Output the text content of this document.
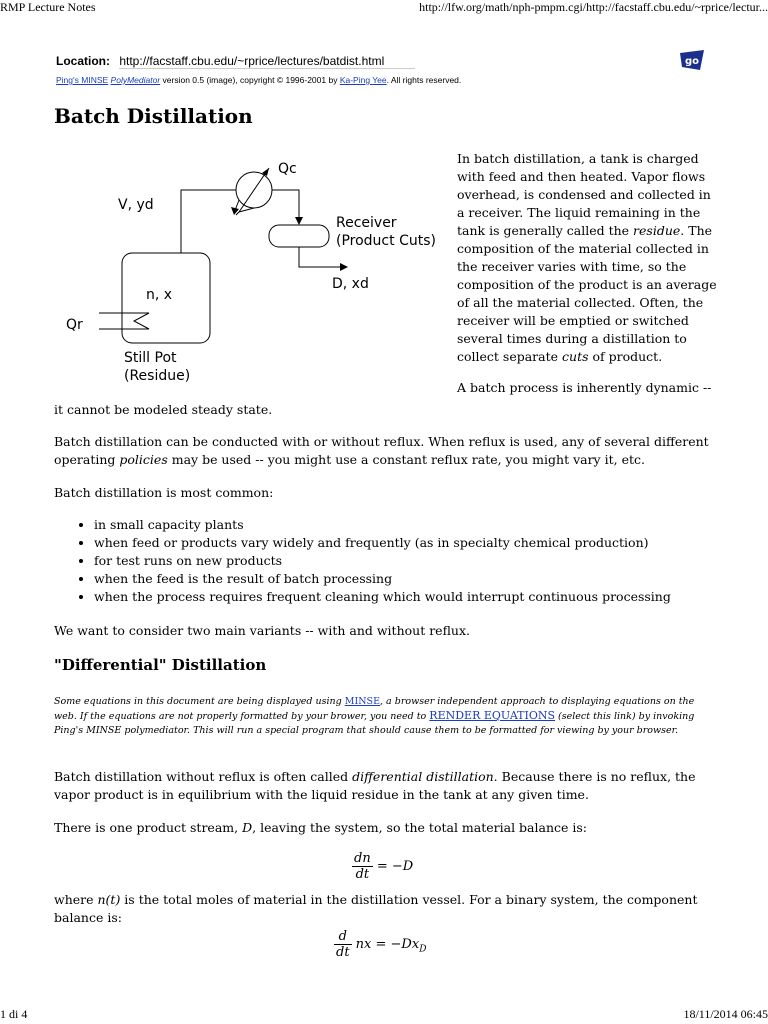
RMP Lecture Notes	http://lfw.org/math/nph-pmpm.cgi/http://facstaff.cbu.edu/~rprice/lectur...
Location: http://facstaff.cbu.edu/~rprice/lectures/batdist.html	go
Ping's MINSE PolyMediator version 0.5 (image), copyright © 1996-2001 by Ka-Ping Yee. All rights reserved.
Batch Distillation
Qc
V, yd
Receiver
(Product Cuts)
D, xd
n, x
Qr
Still Pot
(Residue)

In batch distillation, a tank is charged with feed and then heated. Vapor flows overhead, is condensed and collected in a receiver. The liquid remaining in the tank is generally called the residue. The composition of the material collected in the receiver varies with time, so the composition of the product is an average of all the material collected. Often, the receiver will be emptied or switched several times during a distillation to collect separate cuts of product.

A batch process is inherently dynamic --

it cannot be modeled steady state.
Batch distillation can be conducted with or without reflux. When reflux is used, any of several different operating policies may be used -- you might use a constant reflux rate, you might vary it, etc.
Batch distillation is most common:
• in small capacity plants
• when feed or products vary widely and frequently (as in specialty chemical production)
• for test runs on new products
• when the feed is the result of batch processing
• when the process requires frequent cleaning which would interrupt continuous processing
We want to consider two main variants -- with and without reflux.
"Differential" Distillation
Some equations in this document are being displayed using MINSE, a browser independent approach to displaying equations on the web. If the equations are not properly formatted by your brower, you need to RENDER EQUATIONS (select this link) by invoking Ping's MINSE polymediator. This will run a special program that should cause them to be formatted for viewing by your browser.
Batch distillation without reflux is often called differential distillation. Because there is no reflux, the vapor product is in equilibrium with the liquid residue in the tank at any given time.
There is one product stream, D, leaving the system, so the total material balance is:
$\frac{dn}{dt} = -D$
where n(t) is the total moles of material in the distillation vessel. For a binary system, the component balance is:
$\frac{d}{dt}$ nx = $-Dx_D$
1 di 4	18/11/2014 06:45
